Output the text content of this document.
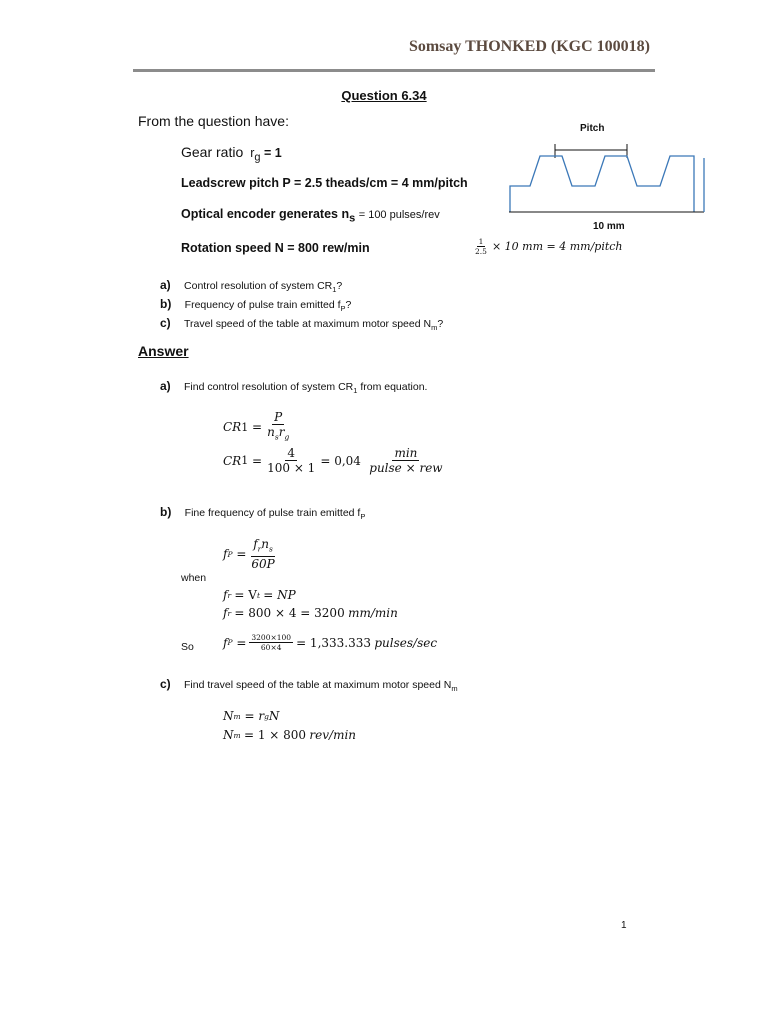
Somsay THONKED (KGC 100018)
Question 6.34
From the question have:
Gear ratio $r_g = 1$
Leadscrew pitch P = 2.5 theads/cm = 4 mm/pitch
Optical encoder generates $n_s = 100$ pulses/rev
Rotation speed N = 800 rew/min
Pitch
10 mm
$\frac{1}{2.5} \times 10$ mm = 4 mm/pitch
a) Control resolution of system $CR_1$?
b) Frequency of pulse train emitted $f_P$?
c) Travel speed of the table at maximum motor speed $N_m$?
Answer
a) Find control resolution of system $CR_1$ from equation.
CR $1 = \frac{P}{n_sr_g}$
CR $1 = \frac{4}{100 \times 1} = 0,04$
$\frac{\min}{\text{pulse × rew}}$
b) Fine frequency of pulse train emitted $f_P$
f $P = \frac{f_rn_s}{60P}$
when
f r
= V t
= NP
f r
= 800 × 4 = 3200
mm/min
So f $P = \frac{3200\times 100}{60\times 4} = 1,333.333$
pulses/sec
c) Find travel speed of the table at maximum motor speed $N_m$
N m = r g N
N m
= 1 × 800
rev/min
1
